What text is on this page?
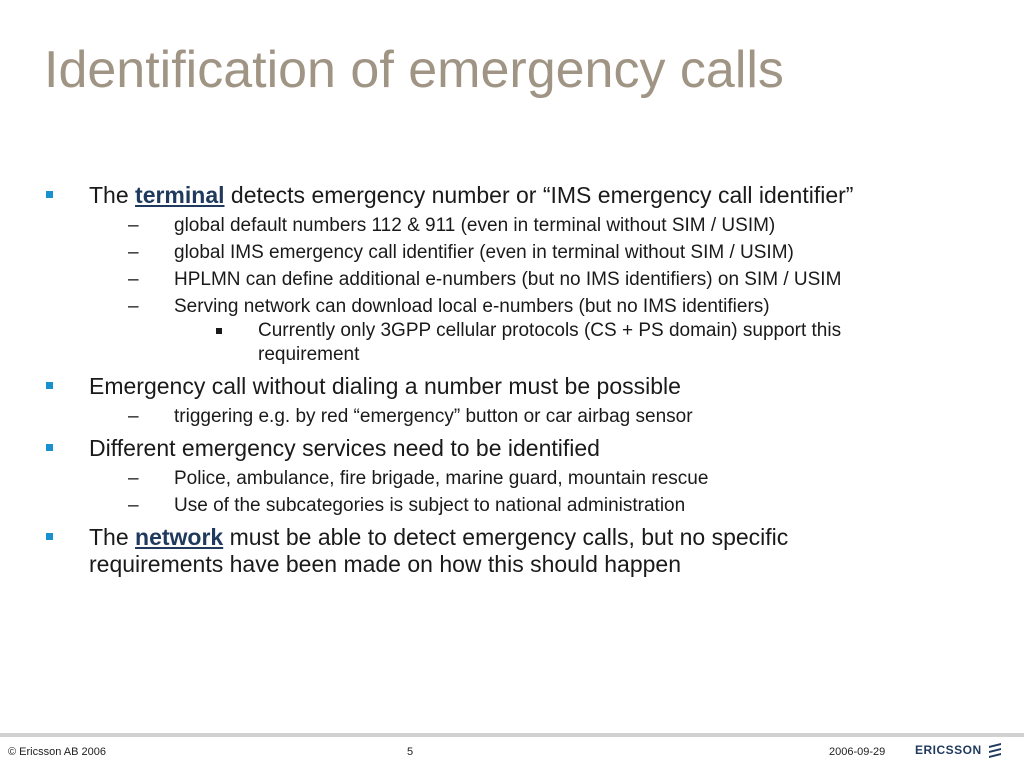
Identification of emergency calls
The terminal detects emergency number or “IMS emergency call identifier”
– global default numbers 112 & 911 (even in terminal without SIM / USIM)
– global IMS emergency call identifier (even in terminal without SIM / USIM)
– HPLMN can define additional e-numbers (but no IMS identifiers) on SIM / USIM
– Serving network can download local e-numbers (but no IMS identifiers)
Currently only 3GPP cellular protocols (CS + PS domain) support this requirement
Emergency call without dialing a number must be possible
– triggering e.g. by red “emergency” button or car airbag sensor
Different emergency services need to be identified
– Police, ambulance, fire brigade, marine guard, mountain rescue
– Use of the subcategories is subject to national administration
The network must be able to detect emergency calls, but no specific requirements have been made on how this should happen
© Ericsson AB 2006	5	2006-09-29 ERICSSON
